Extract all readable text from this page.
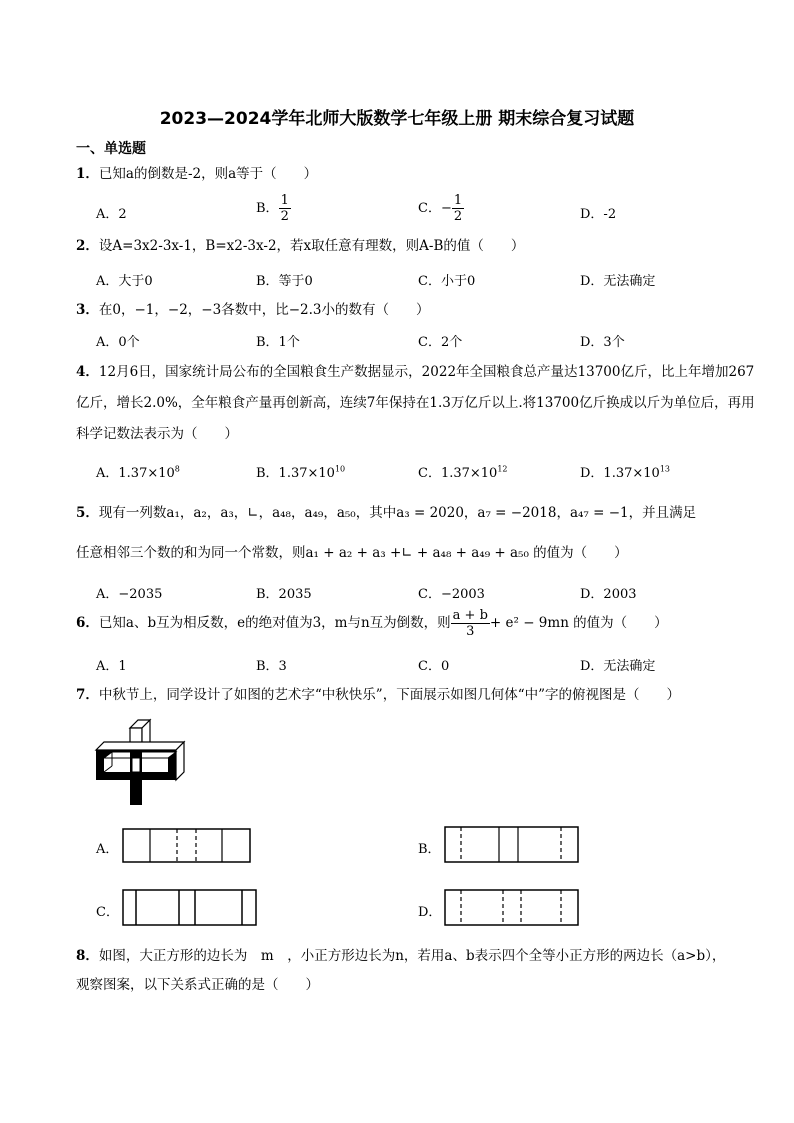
2023—2024学年北师大版数学七年级上册 期末综合复习试题
一、单选题
1．已知a的倒数是-2，则a等于（　　）
A．2	B． $\frac{1}{2}$	C．− $\frac{1}{2}$	D．-2
2．设A=3x2-3x-1，B=x2-3x-2，若x取任意有理数，则A-B的值（　　）
A．大于0	B．等于0	C．小于0	D．无法确定
3．在0，−1，−2，−3各数中，比−2.3小的数有（　　）
A．0个	B．1个	C．2个	D．3个
4．12月6日，国家统计局公布的全国粮食生产数据显示，2022年全国粮食总产量达13700亿斤，比上年增加267亿斤，增长2.0%，全年粮食产量再创新高，连续7年保持在1.3万亿斤以上.将13700亿斤换成以斤为单位后，再用科学记数法表示为（　　）
A．$1.37\times 10^8$	B．$1.37\times 10^{10}$	C．$1.37\times 10^{12}$	D．$1.37\times 10^{13}$
5．现有一列数a₁，a₂，a₃，∟，a₄₈，a₄₉，a₅₀，其中a₃ = 2020，a₇ = −2018，a₄₇ = −1，并且满足
任意相邻三个数的和为同一个常数，则a₁ + a₂ + a₃ +∟ + a₄₈ + a₄₉ + a₅₀ 的值为（　　）
A．−2035	B．2035	C．−2003	D．2003
6．已知a、b互为相反数，e的绝对值为3，m与n互为倒数，则 $\frac{a + b}{3} + e^2 - 9mn$ 的值为（　　）
A．1	B．3	C．0	D．无法确定
7．中秋节上，同学设计了如图的艺术字“中秋快乐”，下面展示如图几何体“中”字的俯视图是（　　）
A．	B．
C．	D．
8．如图，大正方形的边长为　m　，小正方形边长为n，若用a、b表示四个全等小正方形的两边长（a>b），
观察图案，以下关系式正确的是（　　）
